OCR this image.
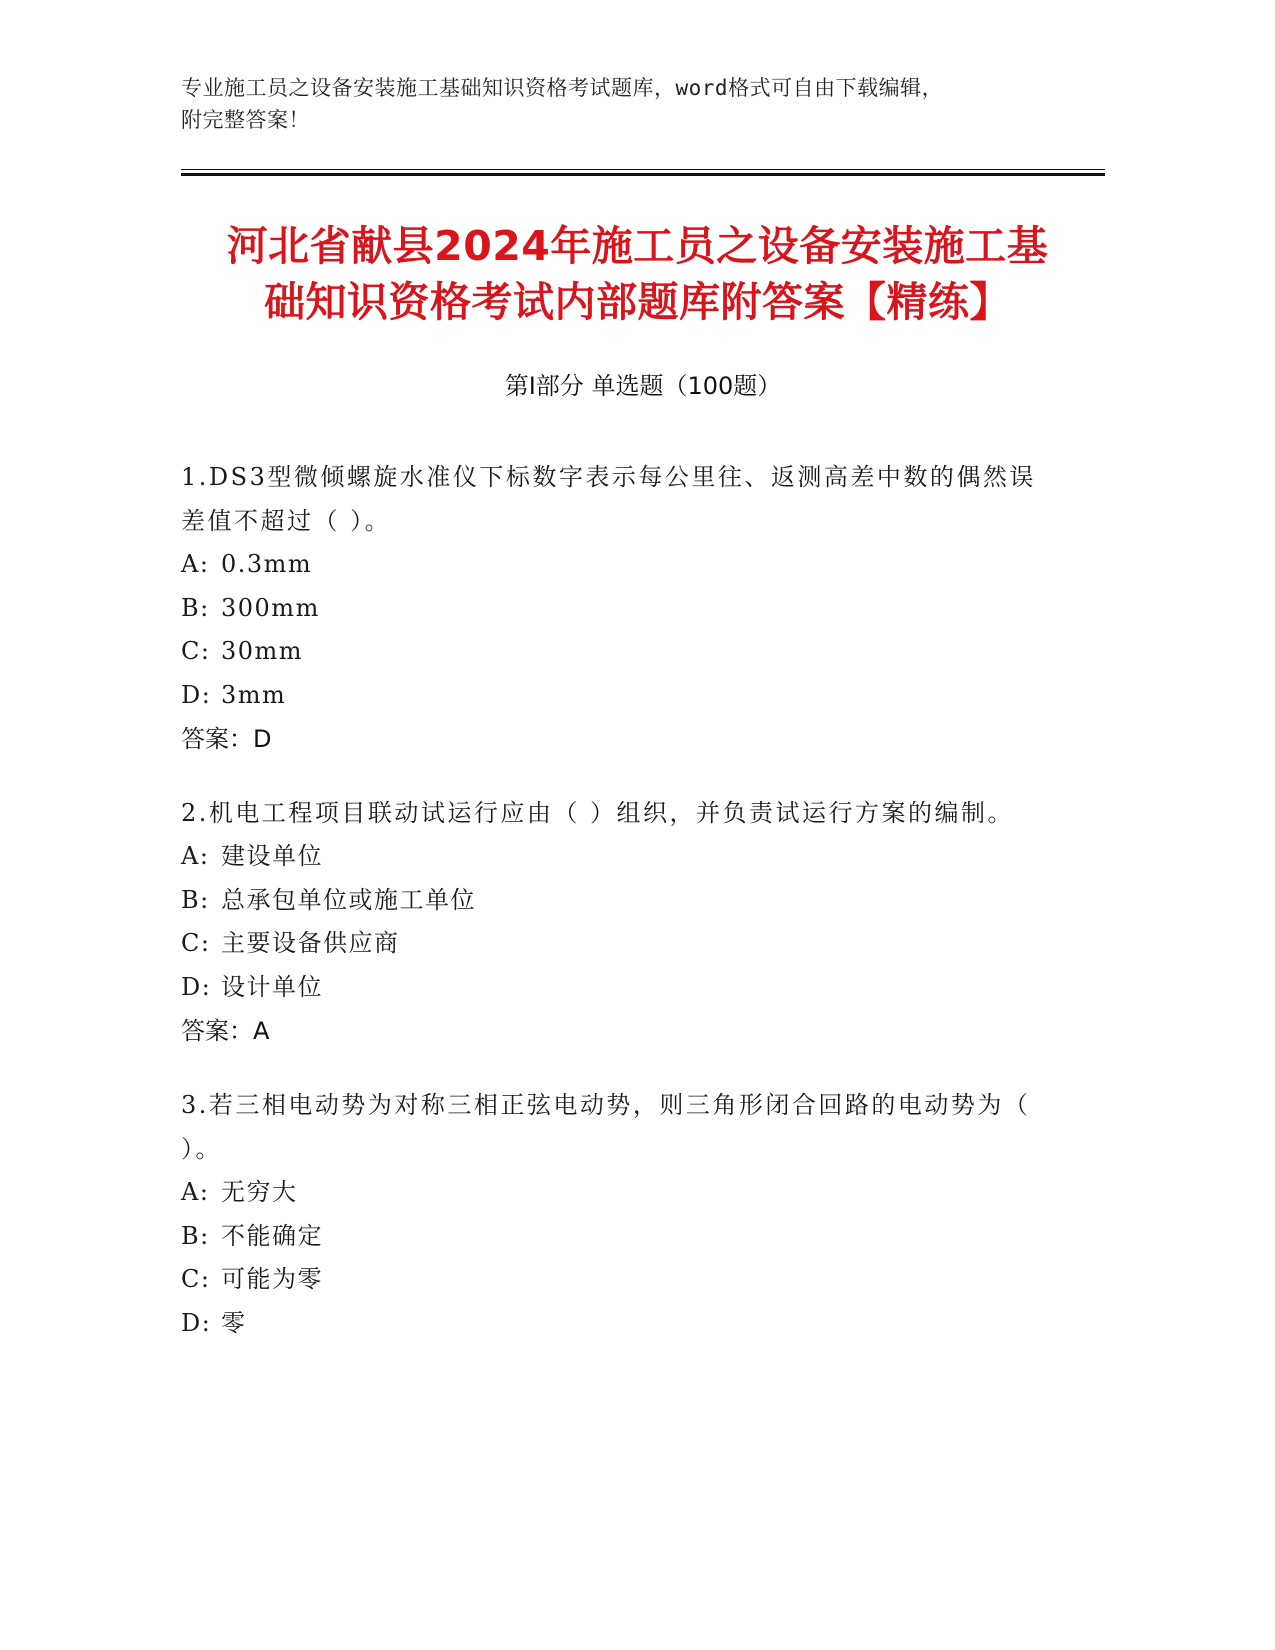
专业施工员之设备安装施工基础知识资格考试题库，word格式可自由下载编辑，
附完整答案！
河北省献县2024年施工员之设备安装施工基
础知识资格考试内部题库附答案【精练】
第Ⅰ部分 单选题（100题）

1.DS3型微倾螺旋水准仪下标数字表示每公里往、返测高差中数的偶然误差值不超过（ ）。

A: 0.3mm

B: 300mm

C: 30mm

D: 3mm

答案：D

2.机电工程项目联动试运行应由（ ）组织，并负责试运行方案的编制。

A: 建设单位

B: 总承包单位或施工单位

C: 主要设备供应商

D: 设计单位

答案：A

3.若三相电动势为对称三相正弦电动势，则三角形闭合回路的电动势为（ ）。

A: 无穷大

B: 不能确定

C: 可能为零

D: 零
